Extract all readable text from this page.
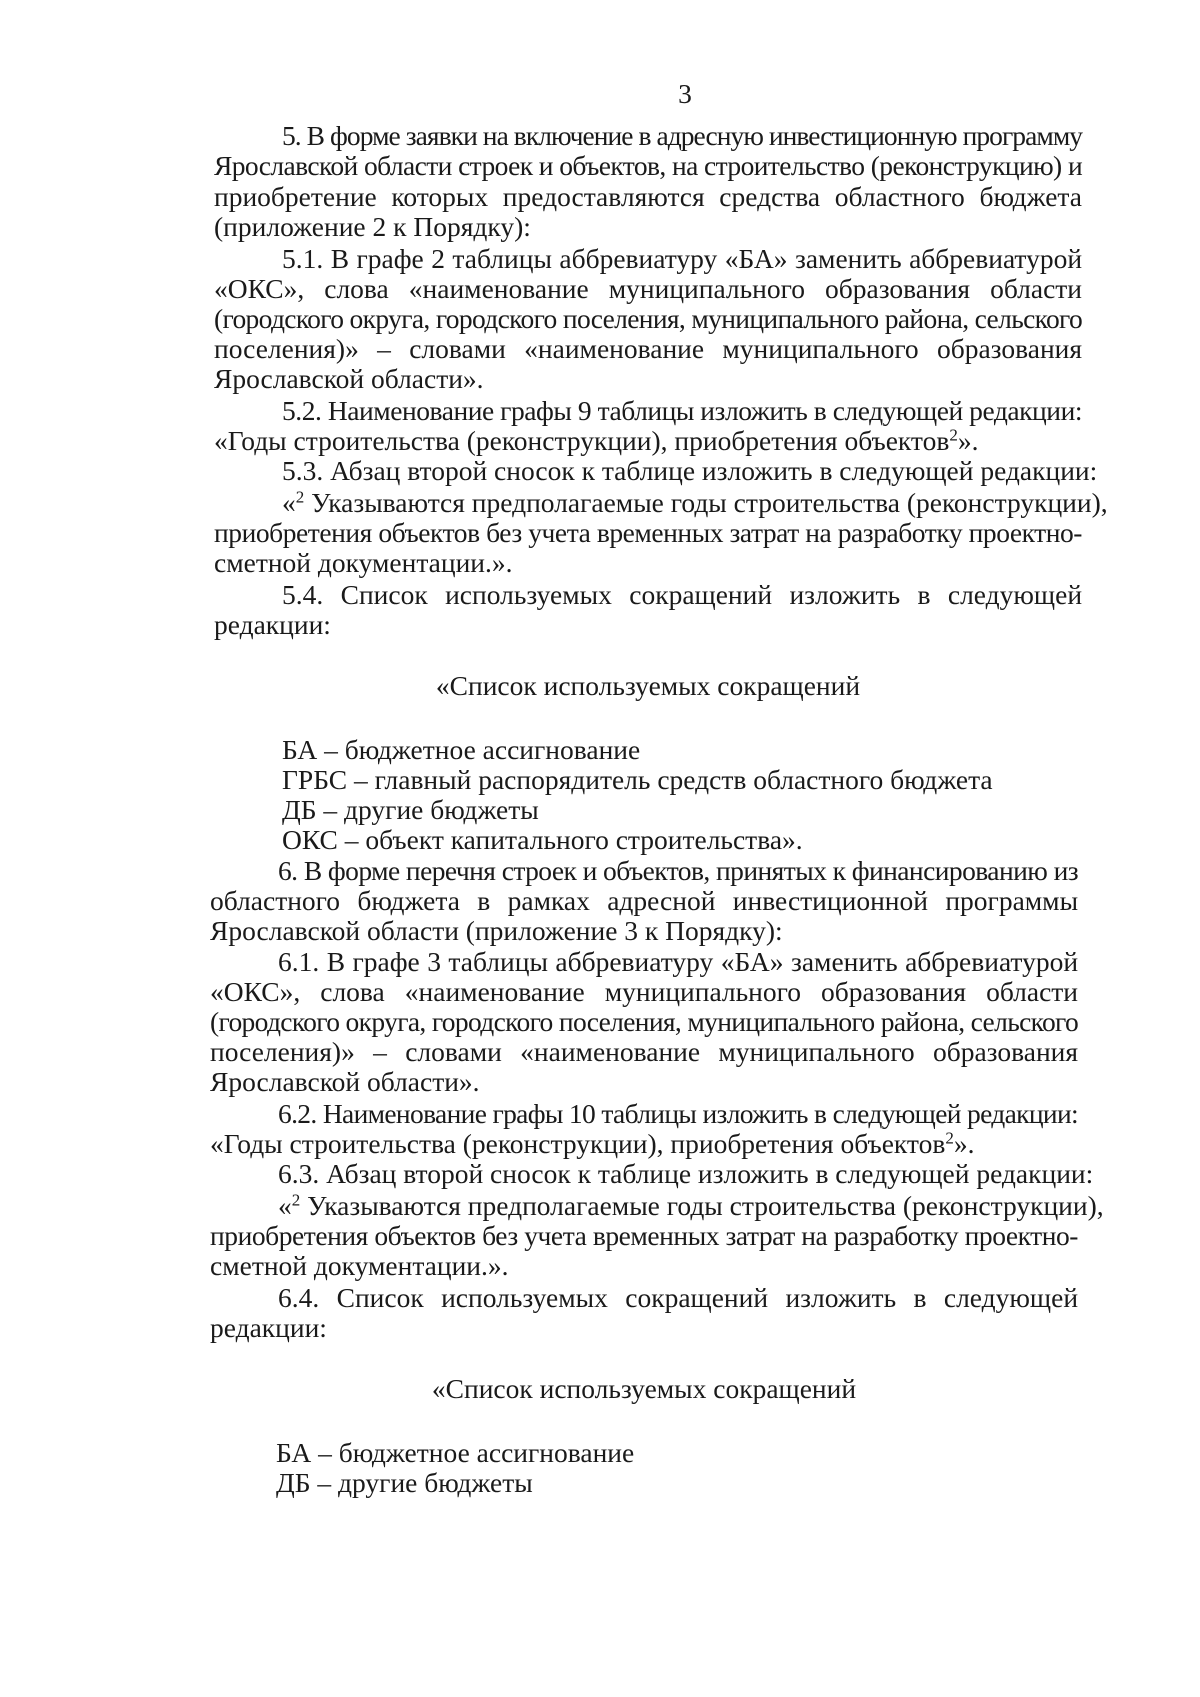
3
5. В форме заявки на включение в адресную инвестиционную программу
Ярославской области строек и объектов, на строительство (реконструкцию) и
приобретение которых предоставляются средства областного бюджета
(приложение 2 к Порядку):
5.1. В графе 2 таблицы аббревиатуру «БА» заменить аббревиатурой
«ОКС», слова «наименование муниципального образования области
(городского округа, городского поселения, муниципального района, сельского
поселения)» – словами «наименование муниципального образования
Ярославской области».
5.2. Наименование графы 9 таблицы изложить в следующей редакции:
«Годы строительства (реконструкции), приобретения объектов$^2$».
5.3. Абзац второй сносок к таблице изложить в следующей редакции:
«$^2$ Указываются предполагаемые годы строительства (реконструкции),
приобретения объектов без учета временных затрат на разработку проектно-
сметной документации.».
5.4. Список используемых сокращений изложить в следующей
редакции:
«Список используемых сокращений
БА – бюджетное ассигнование
ГРБС – главный распорядитель средств областного бюджета
ДБ – другие бюджеты
ОКС – объект капитального строительства».
6. В форме перечня строек и объектов, принятых к финансированию из
областного бюджета в рамках адресной инвестиционной программы
Ярославской области (приложение 3 к Порядку):
6.1. В графе 3 таблицы аббревиатуру «БА» заменить аббревиатурой
«ОКС», слова «наименование муниципального образования области
(городского округа, городского поселения, муниципального района, сельского
поселения)» – словами «наименование муниципального образования
Ярославской области».
6.2. Наименование графы 10 таблицы изложить в следующей редакции:
«Годы строительства (реконструкции), приобретения объектов$^2$».
6.3. Абзац второй сносок к таблице изложить в следующей редакции:
«$^2$ Указываются предполагаемые годы строительства (реконструкции),
приобретения объектов без учета временных затрат на разработку проектно-
сметной документации.».
6.4. Список используемых сокращений изложить в следующей
редакции:
«Список используемых сокращений
БА – бюджетное ассигнование
ДБ – другие бюджеты
